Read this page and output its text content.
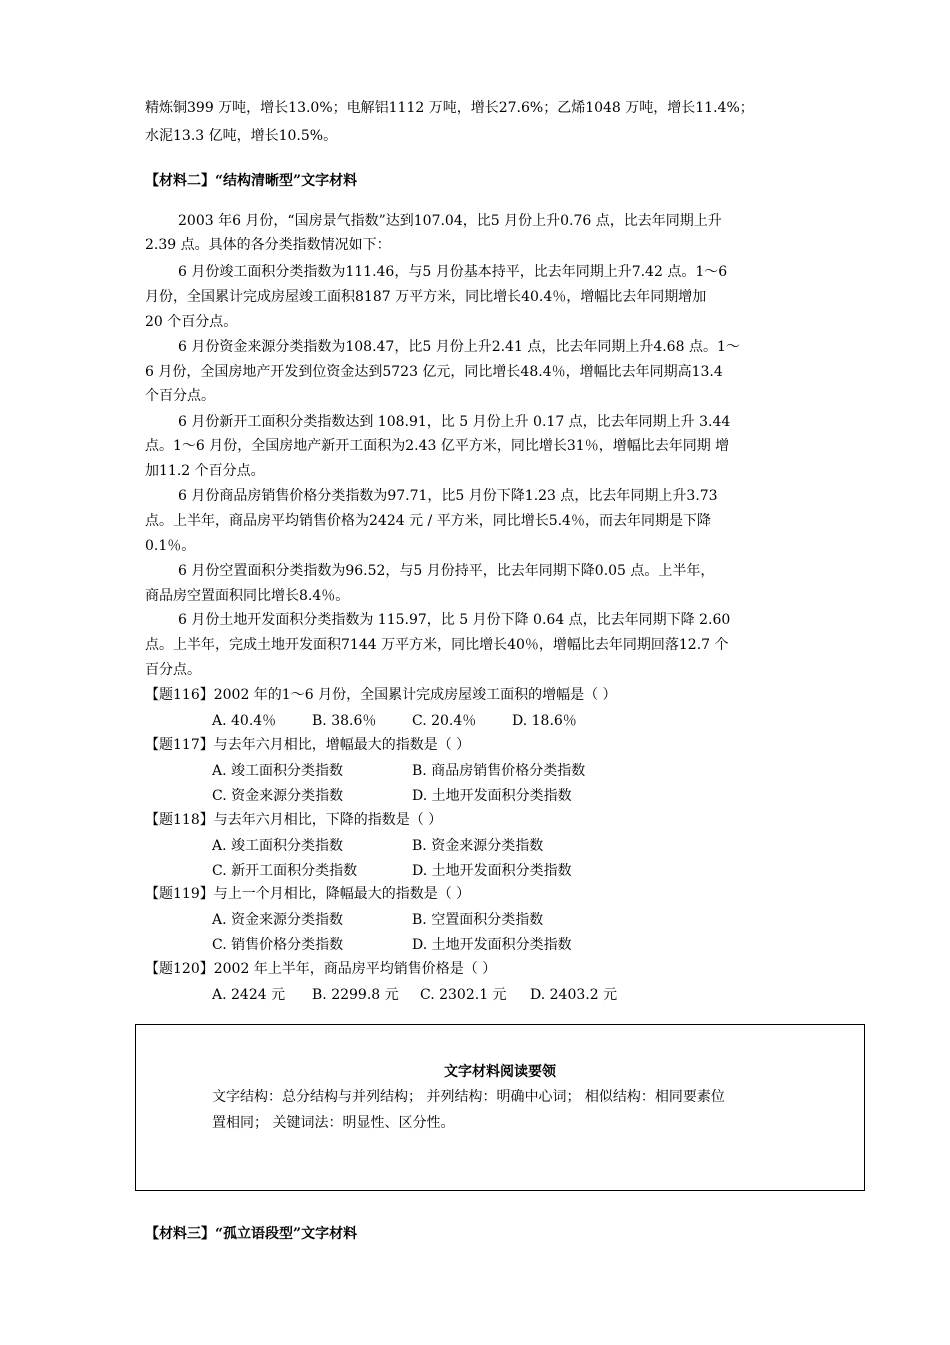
精炼铜399 万吨，增长13.0%；电解铝1112 万吨，增长27.6%；乙烯1048 万吨，增长11.4%；
水泥13.3 亿吨，增长10.5%。
【材料二】“结构清晰型”文字材料
2003 年6 月份，“国房景气指数”达到107.04，比5 月份上升0.76 点，比去年同期上升
2.39 点。具体的各分类指数情况如下：
6 月份竣工面积分类指数为111.46，与5 月份基本持平，比去年同期上升7.42 点。1～6
月份，全国累计完成房屋竣工面积8187 万平方米，同比增长40.4％，增幅比去年同期增加
20 个百分点。
6 月份资金来源分类指数为108.47，比5 月份上升2.41 点，比去年同期上升4.68 点。1～
6 月份，全国房地产开发到位资金达到5723 亿元，同比增长48.4％，增幅比去年同期高13.4
个百分点。
6 月份新开工面积分类指数达到 108.91，比 5 月份上升 0.17 点，比去年同期上升 3.44
点。1～6 月份，全国房地产新开工面积为2.43 亿平方米，同比增长31％，增幅比去年同期 增
加11.2 个百分点。
6 月份商品房销售价格分类指数为97.71，比5 月份下降1.23 点，比去年同期上升3.73
点。上半年，商品房平均销售价格为2424 元 / 平方米，同比增长5.4％，而去年同期是下降
0.1％。
6 月份空置面积分类指数为96.52，与5 月份持平，比去年同期下降0.05 点。上半年，
商品房空置面积同比增长8.4％。
6 月份土地开发面积分类指数为 115.97，比 5 月份下降 0.64 点，比去年同期下降 2.60
点。上半年，完成土地开发面积7144 万平方米，同比增长40％，增幅比去年同期回落12.7 个
百分点。
【题116】2002 年的1～6 月份，全国累计完成房屋竣工面积的增幅是（ ）
A. 40.4％	B. 38.6％	C. 20.4％	D. 18.6％
【题117】与去年六月相比，增幅最大的指数是（ ）
A. 竣工面积分类指数	B. 商品房销售价格分类指数
C. 资金来源分类指数	D. 土地开发面积分类指数
【题118】与去年六月相比，下降的指数是（ ）
A. 竣工面积分类指数	B. 资金来源分类指数
C. 新开工面积分类指数	D. 土地开发面积分类指数
【题119】与上一个月相比，降幅最大的指数是（ ）
A. 资金来源分类指数	B. 空置面积分类指数
C. 销售价格分类指数	D. 土地开发面积分类指数
【题120】2002 年上半年，商品房平均销售价格是（ ）
A. 2424 元 B. 2299.8 元 C. 2302.1 元 D. 2403.2 元
文字材料阅读要领
文字结构：总分结构与并列结构； 并列结构：明确中心词； 相似结构：相同要素位
置相同； 关键词法：明显性、区分性。
【材料三】“孤立语段型”文字材料
